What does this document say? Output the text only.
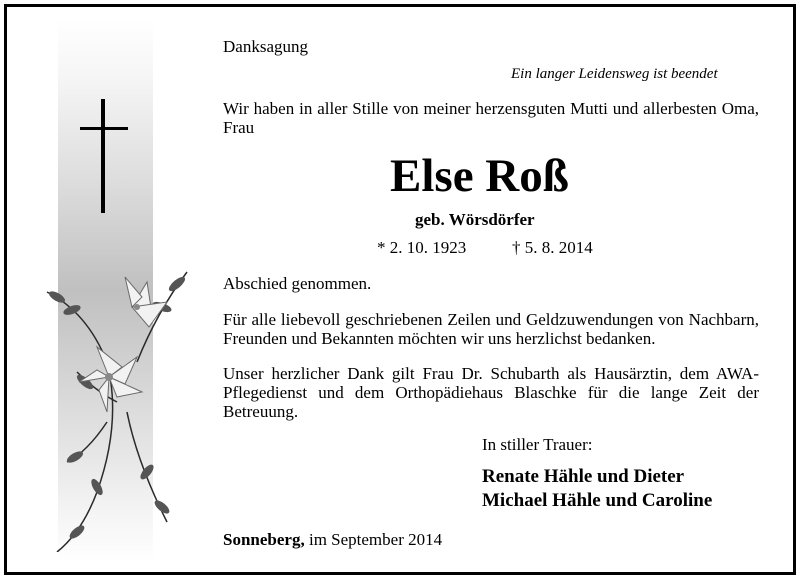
Danksagung

Ein langer Leidensweg ist beendet

Wir haben in aller Stille von meiner herzensguten Mutti und allerbesten Oma, Frau

Else Roß

geb. Wörsdörfer

* 2. 10. 1923	† 5. 8. 2014

Abschied genommen.

Für alle liebevoll geschriebenen Zeilen und Geldzuwendungen von Nachbarn, Freunden und Bekannten möchten wir uns herzlichst bedanken.

Unser herzlicher Dank gilt Frau Dr. Schubarth als Hausärztin, dem AWA-Pflegedienst und dem Orthopädiehaus Blaschke für die lange Zeit der Betreuung.

In stiller Trauer:

Renate Hähle und Dieter

Michael Hähle und Caroline

Sonneberg, im September 2014
